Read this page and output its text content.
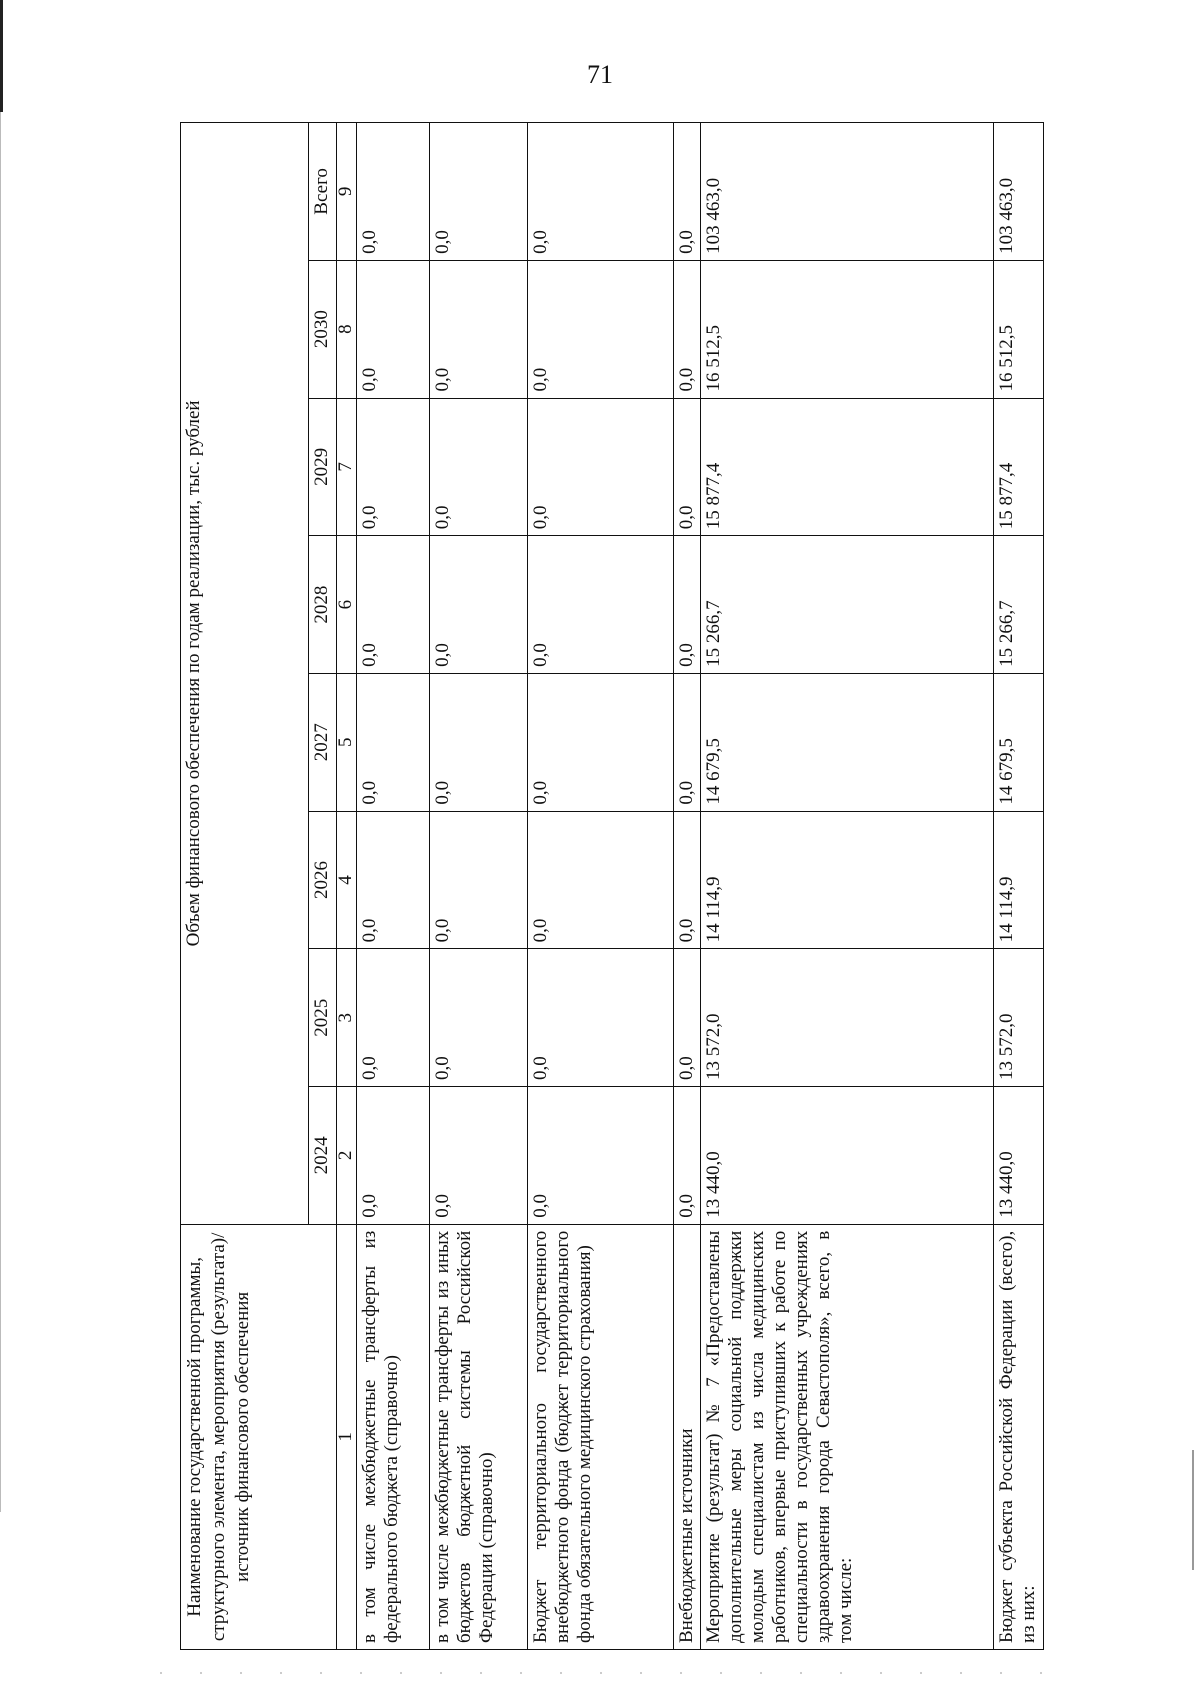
71
Наименование государственной программы, структурного элемента, мероприятия (результата)/источник финансового обеспечения	Объем финансового обеспечения по годам реализации, тыс. рублей							
	2024	2025	2026	2027	2028	2029	2030	Всего
1	2	3	4	5	6	7	8	9
в том числе межбюджетные трансферты из федерального бюджета (справочно)	0,0	0,0	0,0	0,0	0,0	0,0	0,0	0,0
в том числе межбюджетные трансферты из иных бюджетов бюджетной системы Российской Федерации (справочно)	0,0	0,0	0,0	0,0	0,0	0,0	0,0	0,0
Бюджет территориального государственного внебюджетного фонда (бюджет территориального фонда обязательного медицинского страхования)	0,0	0,0	0,0	0,0	0,0	0,0	0,0	0,0
Внебюджетные источники	0,0	0,0	0,0	0,0	0,0	0,0	0,0	0,0
Мероприятие (результат) № 7 «Предоставлены дополнительные меры социальной поддержки молодым специалистам из числа медицинских работников, впервые приступивших к работе по специальности в государственных учреждениях здравоохранения города Севастополя», всего, в том числе:	13 440,0	13 572,0	14 114,9	14 679,5	15 266,7	15 877,4	16 512,5	103 463,0
Бюджет субъекта Российской Федерации (всего), из них:	13 440,0	13 572,0	14 114,9	14 679,5	15 266,7	15 877,4	16 512,5	103 463,0
